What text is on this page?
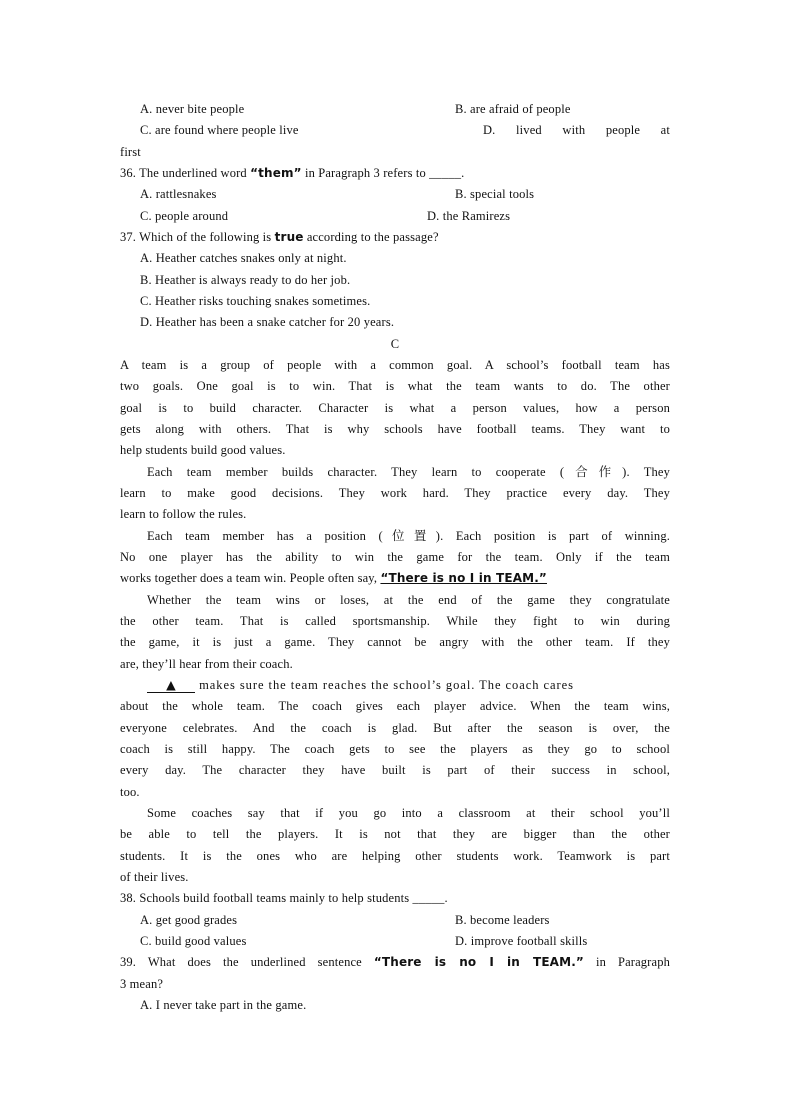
A. never bite people	B. are afraid of people
C. are found where people live	D. lived with people at
first
36. The underlined word “them” in Paragraph 3 refers to _____.
A. rattlesnakes	B. special tools
C. people around	D. the Ramirezs
37. Which of the following is true according to the passage?
A. Heather catches snakes only at night.
B. Heather is always ready to do her job.
C. Heather risks touching snakes sometimes.
D. Heather has been a snake catcher for 20 years.
C
A team is a group of people with a common goal. A school’s football team has
two goals. One goal is to win. That is what the team wants to do. The other
goal is to build character. Character is what a person values, how a person
gets along with others. That is why schools have football teams. They want to
help students build good values.
Each team member builds character. They learn to cooperate (合作). They
learn to make good decisions. They work hard. They practice every day. They
learn to follow the rules.
Each team member has a position (位置). Each position is part of winning.
No one player has the ability to win the game for the team. Only if the team
works together does a team win. People often say, “There is no I in TEAM.”
Whether the team wins or loses, at the end of the game they congratulate
the other team. That is called sportsmanship. While they fight to win during
the game, it is just a game. They cannot be angry with the other team. If they
are, they’ll hear from their coach.
▲ makes sure the team reaches the school’s goal. The coach cares
about the whole team. The coach gives each player advice. When the team wins,
everyone celebrates. And the coach is glad. But after the season is over, the
coach is still happy. The coach gets to see the players as they go to school
every day. The character they have built is part of their success in school,
too.
Some coaches say that if you go into a classroom at their school you’ll
be able to tell the players. It is not that they are bigger than the other
students. It is the ones who are helping other students work. Teamwork is part
of their lives.
38. Schools build football teams mainly to help students _____.
A. get good grades	B. become leaders
C. build good values	D. improve football skills
39. What does the underlined sentence “There is no I in TEAM.” in Paragraph
3 mean?
A. I never take part in the game.
